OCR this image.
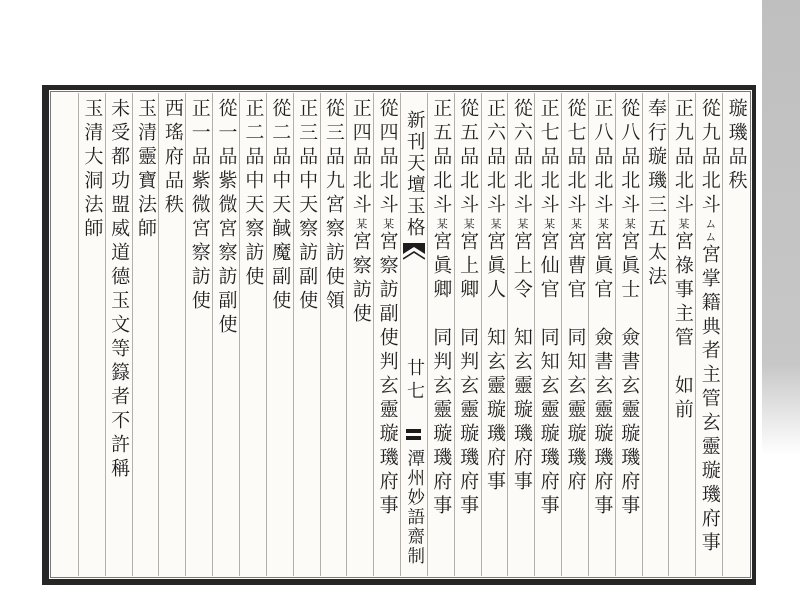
璇璣品秩
從九品北斗ムム宮掌籍典者主管玄靈璇璣府事
正九品北斗某宮祿事主管　如前
奉行璇璣三五太法
從八品北斗某宮眞士　僉書玄靈璇璣府事
正八品北斗某宮眞官　僉書玄靈璇璣府事
從七品北斗某宮曹官　同知玄靈璇璣府
正七品北斗某宮仙官　同知玄靈璇璣府事
從六品北斗某宮上令　知玄靈璇璣府事
正六品北斗某宮眞人　知玄靈璇璣府事
從五品北斗某宮上卿　同判玄靈璇璣府事
正五品北斗某宮眞卿　同判玄靈璇璣府事
新刊天壇玉格
廿七
潭州妙語齋制
從四品北斗某宮察訪副使判玄靈璇璣府事
正四品北斗某宮察訪使
從三品九宮察訪使領
正三品中天察訪副使
從二品中天馘魔副使
正二品中天察訪使
從一品紫微宮察訪副使
正一品紫微宮察訪使
西瑤府品秩
玉清靈寶法師
未受都功盟威道德玉文等籙者不許稱
玉清大洞法師
